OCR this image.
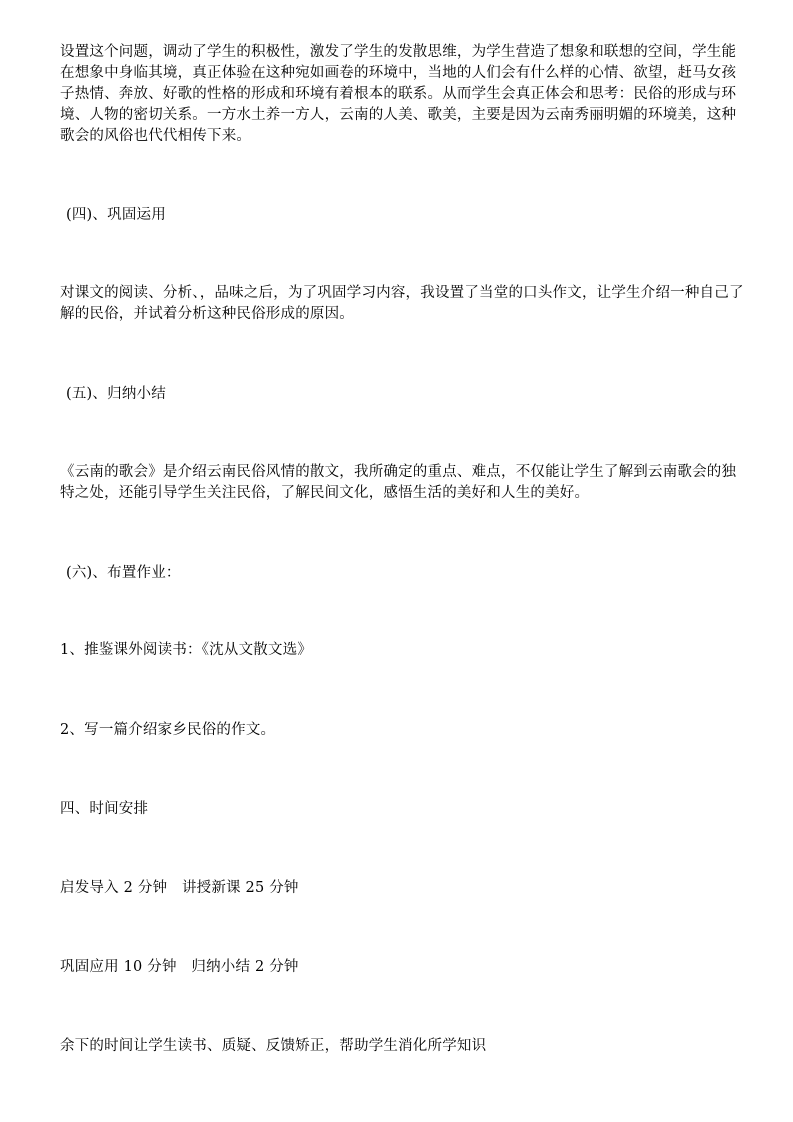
设置这个问题，调动了学生的积极性，激发了学生的发散思维，为学生营造了想象和联想的空间，学生能在想象中身临其境，真正体验在这种宛如画卷的环境中，当地的人们会有什么样的心情、欲望，赶马女孩子热情、奔放、好歌的性格的形成和环境有着根本的联系。从而学生会真正体会和思考：民俗的形成与环境、人物的密切关系。一方水土养一方人，云南的人美、歌美，主要是因为云南秀丽明媚的环境美，这种歌会的风俗也代代相传下来。
(四)、巩固运用
对课文的阅读、分析、，品味之后，为了巩固学习内容，我设置了当堂的口头作文，让学生介绍一种自己了解的民俗，并试着分析这种民俗形成的原因。
(五)、归纳小结
《云南的歌会》是介绍云南民俗风情的散文，我所确定的重点、难点，不仅能让学生了解到云南歌会的独特之处，还能引导学生关注民俗，了解民间文化，感悟生活的美好和人生的美好。
(六)、布置作业：
1、推鉴课外阅读书：《沈从文散文选》
2、写一篇介绍家乡民俗的作文。
四、时间安排
启发导入 2 分钟　讲授新课 25 分钟
巩固应用 10 分钟　归纳小结 2 分钟
余下的时间让学生读书、质疑、反馈矫正，帮助学生消化所学知识
